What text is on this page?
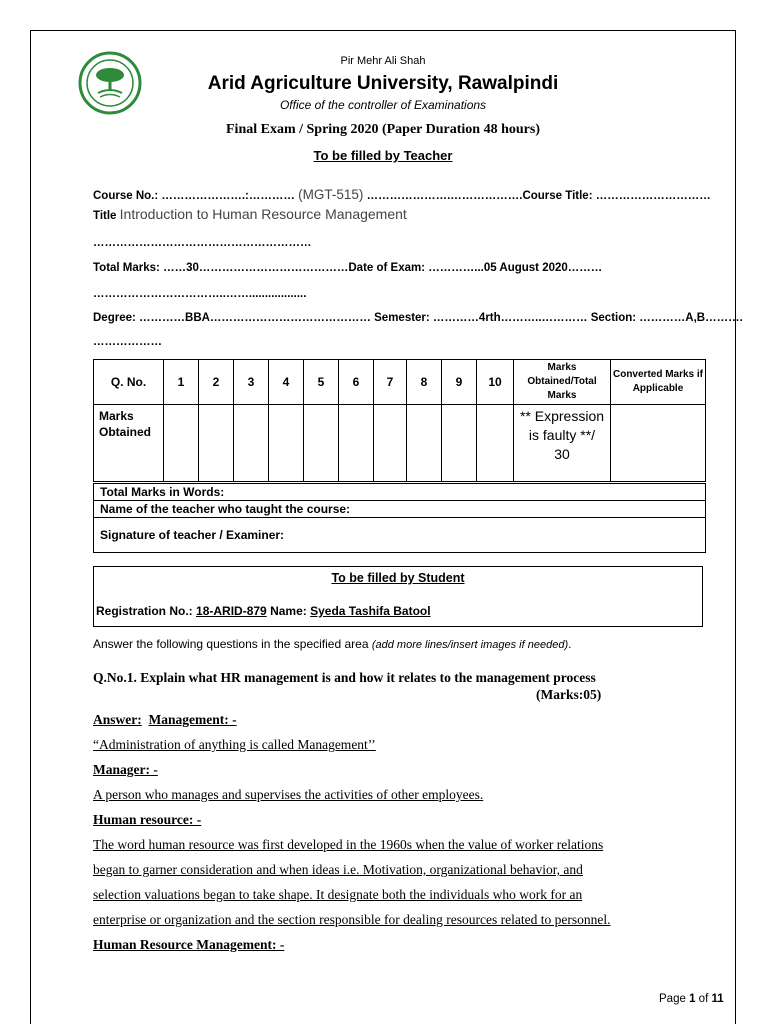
Pir Mehr Ali Shah
Arid Agriculture University, Rawalpindi
Office of the controller of Examinations
Final Exam / Spring 2020 (Paper Duration 48 hours)
To be filled by Teacher
Course No.: ………………….:………… (MGT-515) ………………….……………….Course Title: …………………………
Title Introduction to Human Resource Management
…………………………………………………
Total Marks: ……30…………………………………Date of Exam: …………...05 August 2020………
……………………………..……..................
Degree: …………BBA…………………………………… Semester: …………4rth………..………… Section: …………A,B……….
………………
Q. No.	1	2	3	4	5	6	7	8	9	10	Marks Obtained/Total Marks	Converted Marks if Applicable
Marks Obtained											** Expression is faulty **/
30	

Total Marks in Words:
Name of the teacher who taught the course:
Signature of teacher / Examiner:
To be filled by Student
Registration No.: 18-ARID-879 Name: Syeda Tashifa Batool
Answer the following questions in the specified area (add more lines/insert images if needed).
Q.No.1. Explain what HR management is and how it relates to the management process
(Marks:05)
Answer: Management: -
“Administration of anything is called Management’’
Manager: -
A person who manages and supervises the activities of other employees.
Human resource: -
The word human resource was first developed in the 1960s when the value of worker relations
began to garner consideration and when ideas i.e. Motivation, organizational behavior, and
selection valuations began to take shape. It designate both the individuals who work for an
enterprise or organization and the section responsible for dealing resources related to personnel.
Human Resource Management: -
Page 1 of 11
